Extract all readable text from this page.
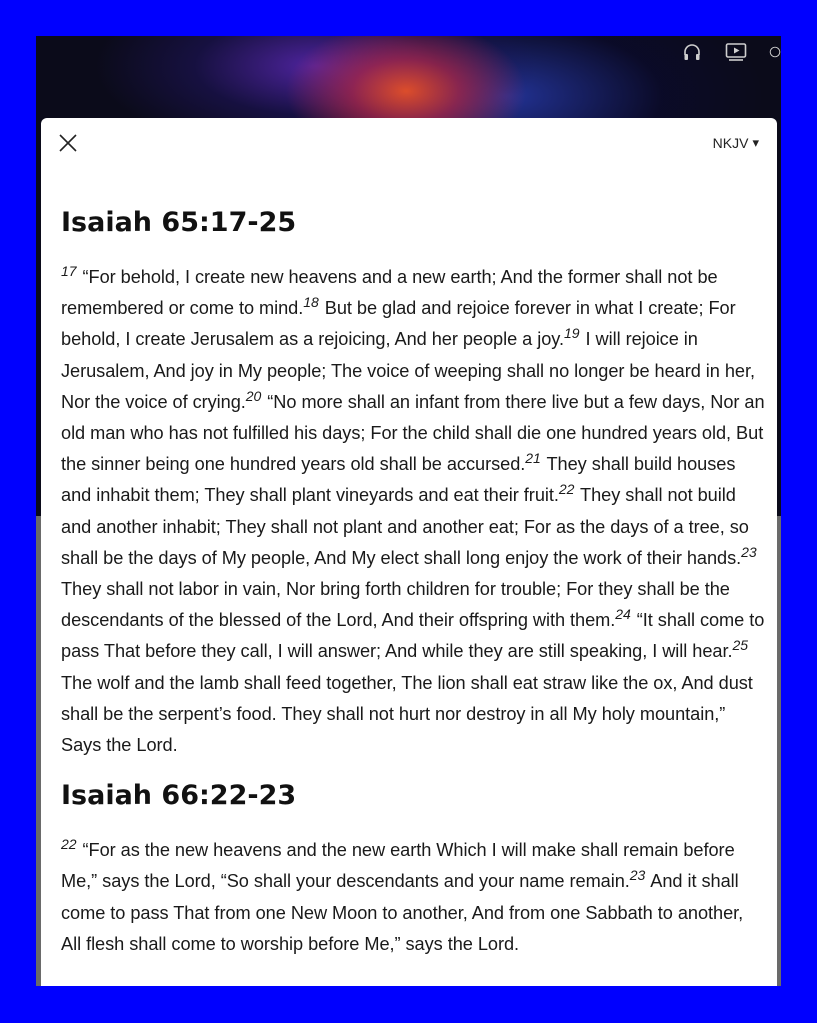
NKJV ▾
Isaiah 65:17-25

$^{17}$ “For behold, I create new heavens and a new earth; And the former shall not be remembered or come to mind.$^{18}$ But be glad and rejoice forever in what I create; For behold, I create Jerusalem as a rejoicing, And her people a joy.$^{19}$ I will rejoice in Jerusalem, And joy in My people; The voice of weeping shall no longer be heard in her, Nor the voice of crying.$^{20}$ “No more shall an infant from there live but a few days, Nor an old man who has not fulfilled his days; For the child shall die one hundred years old, But the sinner being one hundred years old shall be accursed.$^{21}$ They shall build houses and inhabit them; They shall plant vineyards and eat their fruit.$^{22}$ They shall not build and another inhabit; They shall not plant and another eat; For as the days of a tree, so shall be the days of My people, And My elect shall long enjoy the work of their hands.$^{23}$ They shall not labor in vain, Nor bring forth children for trouble; For they shall be the descendants of the blessed of the Lord, And their offspring with them.$^{24}$ “It shall come to pass That before they call, I will answer; And while they are still speaking, I will hear.$^{25}$ The wolf and the lamb shall feed together, The lion shall eat straw like the ox, And dust shall be the serpent’s food. They shall not hurt nor destroy in all My holy mountain,” Says the Lord.

Isaiah 66:22-23

$^{22}$ “For as the new heavens and the new earth Which I will make shall remain before Me,” says the Lord, “So shall your descendants and your name remain.$^{23}$ And it shall come to pass That from one New Moon to another, And from one Sabbath to another, All flesh shall come to worship before Me,” says the Lord.
